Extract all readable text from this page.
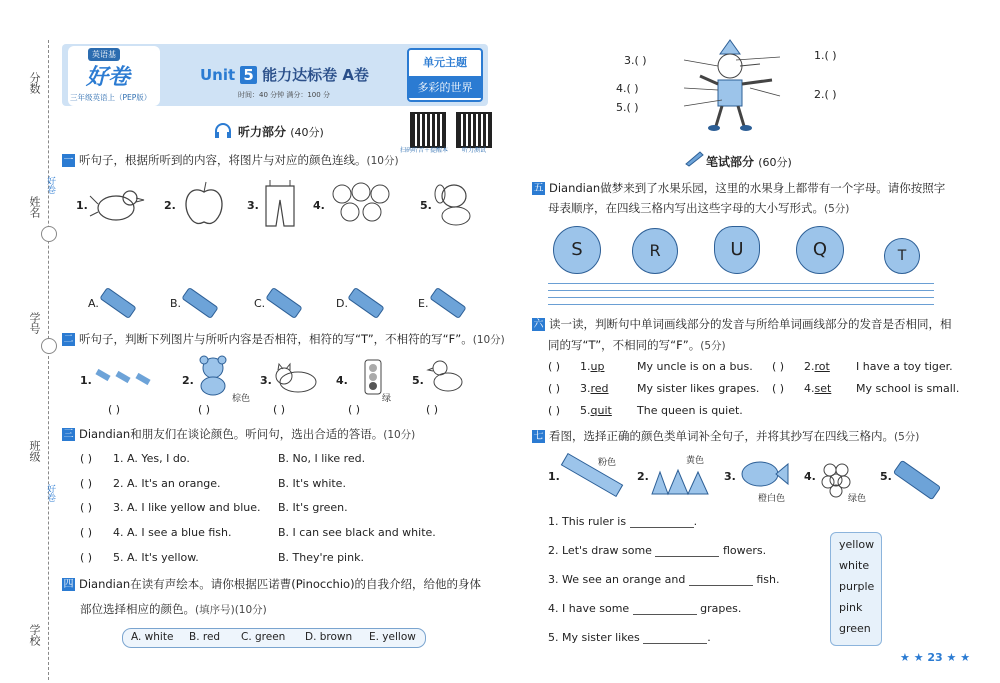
分数
姓名
学号
班级
学校
好卷
好卷
英语基
好卷
三年级英语上（PEP版）
Unit 5 能力达标卷 A卷
时间：40 分钟 满分：100 分
单元主题
多彩的世界
扫码听音＋提醒本 听力测试
听力部分 (40分)
一 听句子，根据所听到的内容，将图片与对应的颜色连线。(10分)
1.	2.	3.	4.	5.
A.	B.	C.	D.	E.
二 听句子，判断下列图片与所听内容是否相符，相符的写“T”，不相符的写“F”。(10分)
1.	2.	3.	4.	5.
棕色	绿
( )	( )	( )	( )	( )
三 Diandian和朋友们在谈论颜色。听问句，选出合适的答语。(10分)
( ) 1. A. Yes, I do.	B. No, I like red.
( ) 2. A. It's an orange.	B. It's white.
( ) 3. A. I like yellow and blue. B. It's green.
( ) 4. A. I see a blue fish.	B. I can see black and white.
( ) 5. A. It's yellow.	B. They're pink.
四 Diandian在读有声绘本。请你根据匹诺曹(Pinocchio)的自我介绍，给他的身体
部位选择相应的颜色。(填序号)(10分)
A. white B. red C. green D. brown E. yellow
1.( )
2.( )
3.( )
4.( )
5.( )
笔试部分 (60分)
五 Diandian做梦来到了水果乐园，这里的水果身上都带有一个字母。请你按照字
母表顺序，在四线三格内写出这些字母的大小写形式。(5分)
S	R	U	Q	T
六 读一读，判断句中单词画线部分的发音与所给单词画线部分的发音是否相同，相
同的写“T”，不相同的写“F”。(5分)
( ) 1.up	My uncle is on a bus. ( ) 2.rot I have a toy tiger.
( ) 3.red	My sister likes grapes. ( ) 4.set My school is small.
( ) 5.quit The queen is quiet.
七 看图，选择正确的颜色类单词补全句子，并将其抄写在四线三格内。(5分)
1.	2.	3.	4.	5.
粉色	黄色
橙白色	绿色
1. This ruler is	.
2. Let's draw some	flowers.
3. We see an orange and	fish.
4. I have some	grapes.
5. My sister likes	.
yellow
white
purple
pink
green
★ ★ 23 ★ ★
